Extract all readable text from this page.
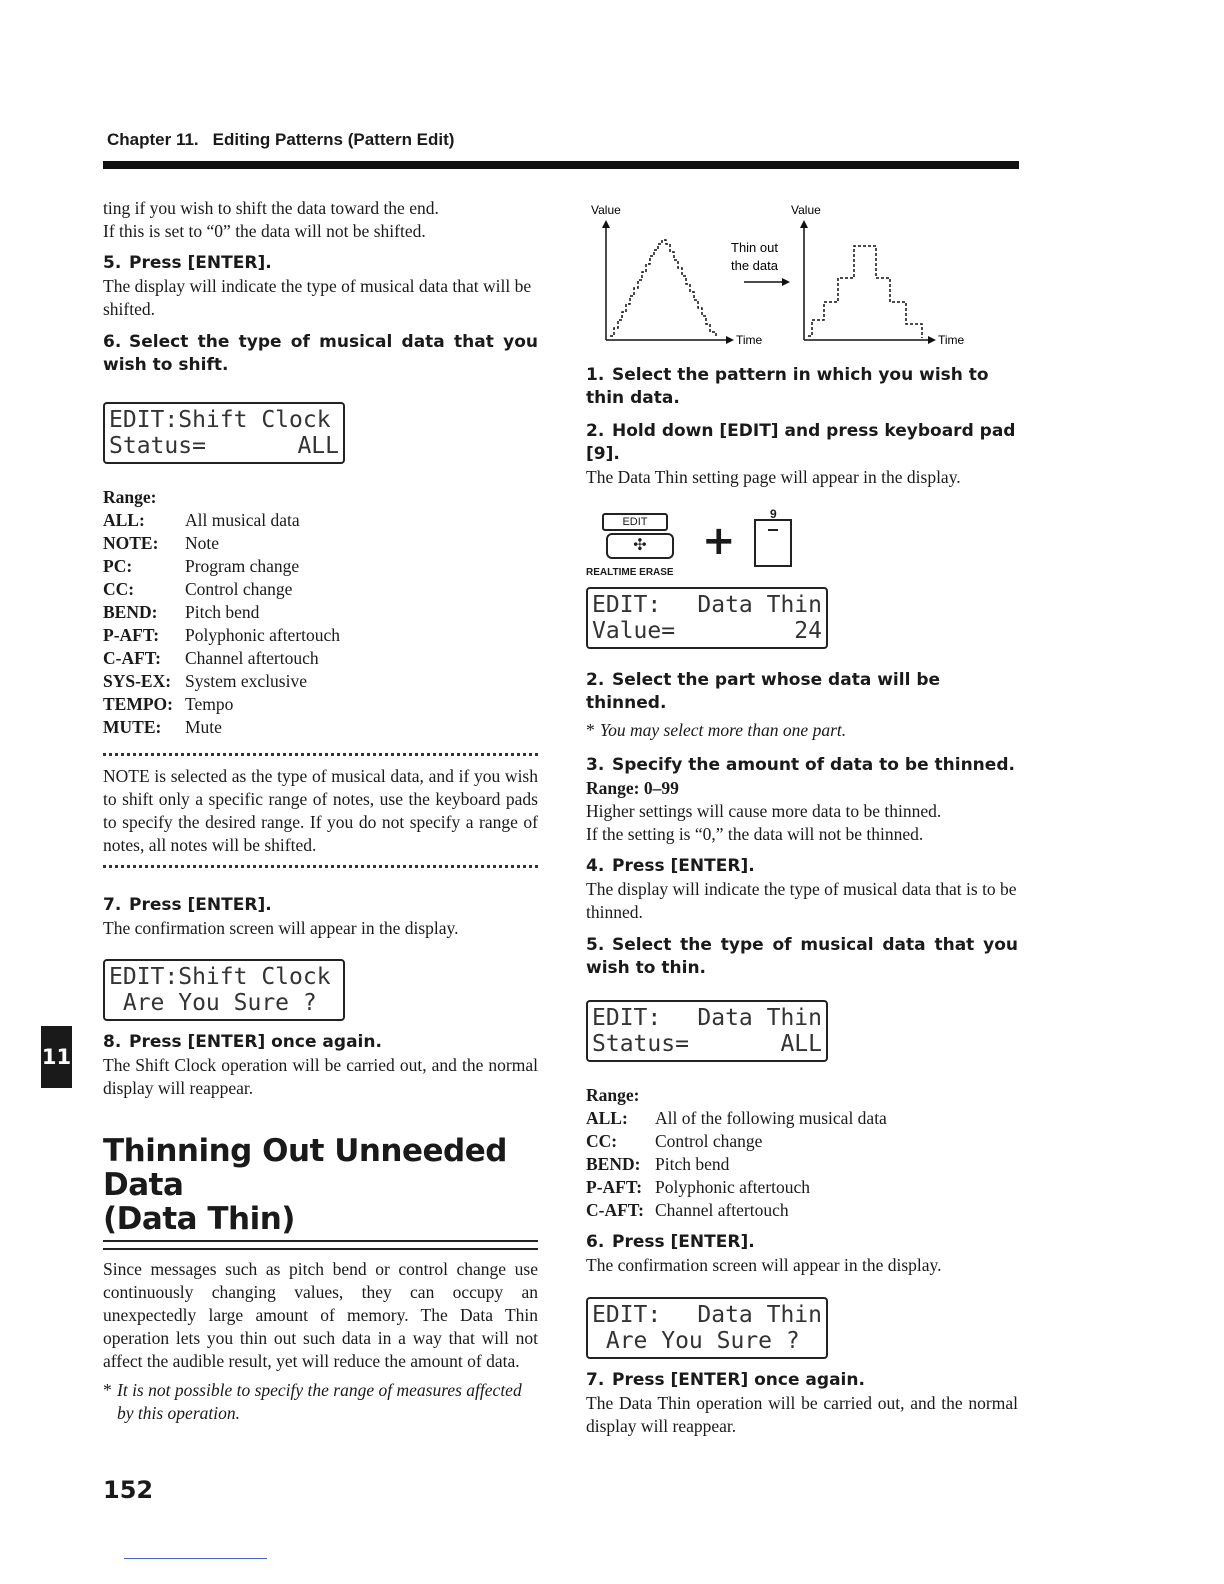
Chapter 11. Editing Patterns (Pattern Edit)

ting if you wish to shift the data toward the end.

If this is set to “0” the data will not be shifted.

5. Press [ENTER].

The display will indicate the type of musical data that will be shifted.

6. Select the type of musical data that you wish to shift.
EDIT:Shift Clock
Status=	ALL

Range:

ALL:	All musical data
NOTE:	Note
PC:	Program change
CC:	Control change
BEND:	Pitch bend
P-AFT:	Polyphonic aftertouch
C-AFT:	Channel aftertouch
SYS-EX:	System exclusive
TEMPO:	Tempo
MUTE:	Mute

NOTE is selected as the type of musical data, and if you wish to shift only a specific range of notes, use the keyboard pads to specify the desired range. If you do not specify a range of notes, all notes will be shifted.

7. Press [ENTER].

The confirmation screen will appear in the display.

EDIT:Shift Clock
Are You Sure ?
8. Press [ENTER] once again.

The Shift Clock operation will be carried out, and the normal display will reappear.

Thinning Out Unneeded Data
(Data Thin)

Since messages such as pitch bend or control change use continuously changing values, they can occupy an unexpectedly large amount of memory. The Data Thin operation lets you thin out such data in a way that will not affect the audible result, yet will reduce the amount of data.

* It is not possible to specify the range of measures affected by this operation.
Value	Value
Time
Thin out
the data
Time
1. Select the pattern in which you wish to thin data.
2. Hold down [EDIT] and press keyboard pad [9].

The Data Thin setting page will appear in the display.

EDIT
✣
REALTIME ERASE
+
9
EDIT: Data Thin
Value=	24
2. Select the part whose data will be thinned.
* You may select more than one part.
3. Specify the amount of data to be thinned.

Range: 0–99

Higher settings will cause more data to be thinned.

If the setting is “0,” the data will not be thinned.

4. Press [ENTER].

The display will indicate the type of musical data that is to be thinned.

5. Select the type of musical data that you wish to thin.
EDIT: Data Thin
Status=	ALL

Range:

ALL:	All of the following musical data
CC:	Control change
BEND:	Pitch bend
P-AFT:	Polyphonic aftertouch
C-AFT:	Channel aftertouch
6. Press [ENTER].

The confirmation screen will appear in the display.

EDIT: Data Thin
Are You Sure ?
7. Press [ENTER] once again.

The Data Thin operation will be carried out, and the normal display will reappear.

11
152
